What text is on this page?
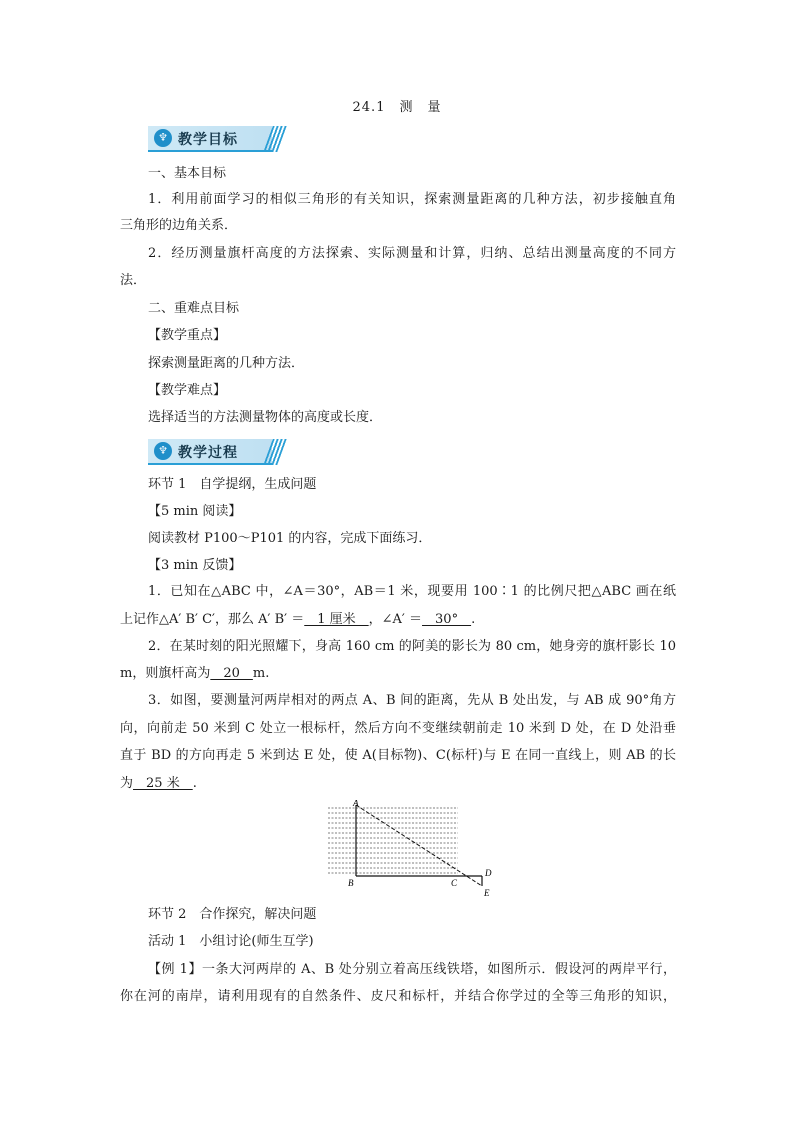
24.1　测　量
♆ 教学目标
一、基本目标
1．利用前面学习的相似三角形的有关知识，探索测量距离的几种方法，初步接触直角
三角形的边角关系．
2．经历测量旗杆高度的方法探索、实际测量和计算，归纳、总结出测量高度的不同方
法．
二、重难点目标
【教学重点】
探索测量距离的几种方法．
【教学难点】
选择适当的方法测量物体的高度或长度．
♆ 教学过程
环节 1　自学提纲，生成问题
【5 min 阅读】
阅读教材 P100～P101 的内容，完成下面练习．
【3 min 反馈】
1．已知在△ABC 中，∠A＝30°，AB＝1 米，现要用 100∶1 的比例尺把△ABC 画在纸
上记作△A′ B′ C′，那么 A′ B′ ＝　1 厘米　，∠A′ ＝　30°　.
2．在某时刻的阳光照耀下，身高 160 cm 的阿美的影长为 80 cm，她身旁的旗杆影长 10
m，则旗杆高为　20　m.
3．如图，要测量河两岸相对的两点 A、B 间的距离，先从 B 处出发，与 AB 成 90°角方
向，向前走 50 米到 C 处立一根标杆，然后方向不变继续朝前走 10 米到 D 处，在 D 处沿垂
直于 BD 的方向再走 5 米到达 E 处，使 A(目标物)、C(标杆)与 E 在同一直线上，则 AB 的长
为　25 米　.
A
B	C
D
E
环节 2　合作探究，解决问题
活动 1　小组讨论(师生互学)
【例 1】一条大河两岸的 A、B 处分别立着高压线铁塔，如图所示．假设河的两岸平行，
你在河的南岸，请利用现有的自然条件、皮尺和标杆，并结合你学过的全等三角形的知识，
